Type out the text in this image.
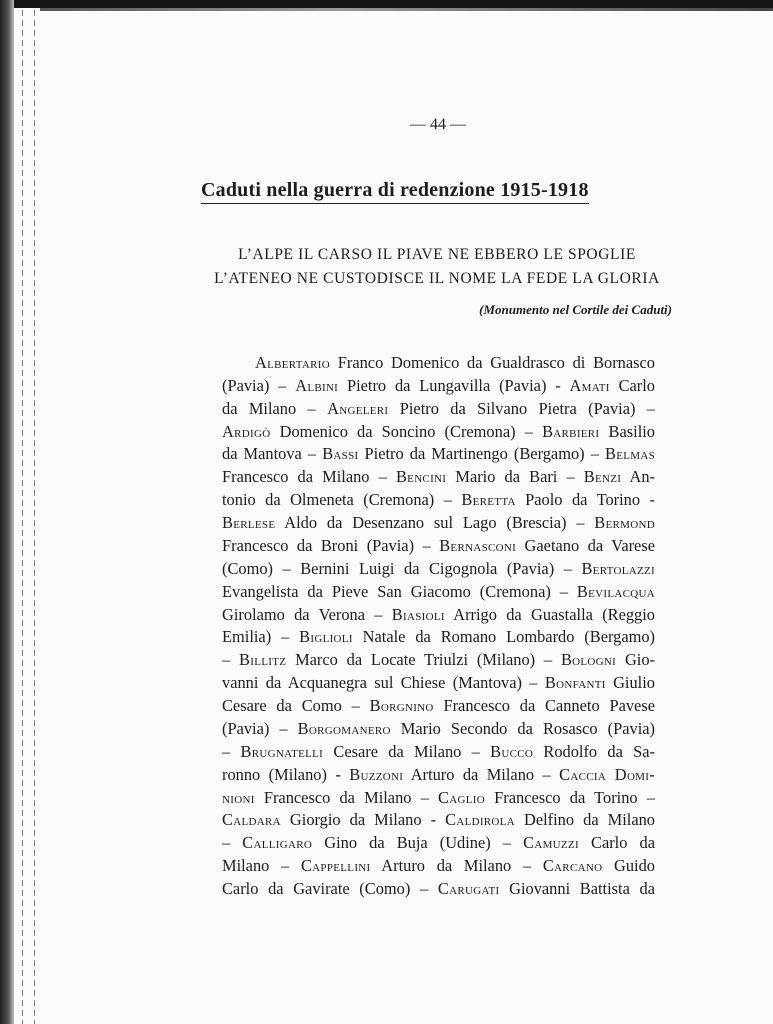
— 44 —
Caduti nella guerra di redenzione 1915-1918
L’ALPE IL CARSO IL PIAVE NE EBBERO LE SPOGLIE
L’ATENEO NE CUSTODISCE IL NOME LA FEDE LA GLORIA
(Monumento nel Cortile dei Caduti)
Albertario Franco Domenico da Gualdrasco di Bornasco
(Pavia) – Albini Pietro da Lungavilla (Pavia) - Amati Carlo
da Milano – Angeleri Pietro da Silvano Pietra (Pavia) –
Ardigò Domenico da Soncino (Cremona) – Barbieri Basilio
da Mantova – Bassi Pietro da Martinengo (Bergamo) – Belmas
Francesco da Milano – Bencini Mario da Bari – Benzi An-
tonio da Olmeneta (Cremona) – Beretta Paolo da Torino -
Berlese Aldo da Desenzano sul Lago (Brescia) – Bermond
Francesco da Broni (Pavia) – Bernasconi Gaetano da Varese
(Como) – Bernini Luigi da Cigognola (Pavia) – Bertolazzi
Evangelista da Pieve San Giacomo (Cremona) – Bevilacqua
Girolamo da Verona – Biasioli Arrigo da Guastalla (Reggio
Emilia) – Biglioli Natale da Romano Lombardo (Bergamo)
– Billitz Marco da Locate Triulzi (Milano) – Bologni Gio-
vanni da Acquanegra sul Chiese (Mantova) – Bonfanti Giulio
Cesare da Como – Borgnino Francesco da Canneto Pavese
(Pavia) – Borgomanero Mario Secondo da Rosasco (Pavia)
– Brugnatelli Cesare da Milano – Bucco Rodolfo da Sa-
ronno (Milano) - Buzzoni Arturo da Milano – Caccia Domi-
nioni Francesco da Milano – Caglio Francesco da Torino –
Caldara Giorgio da Milano - Caldirola Delfino da Milano
– Calligaro Gino da Buja (Udine) – Camuzzi Carlo da
Milano – Cappellini Arturo da Milano – Carcano Guido
Carlo da Gavirate (Como) – Carugati Giovanni Battista da
